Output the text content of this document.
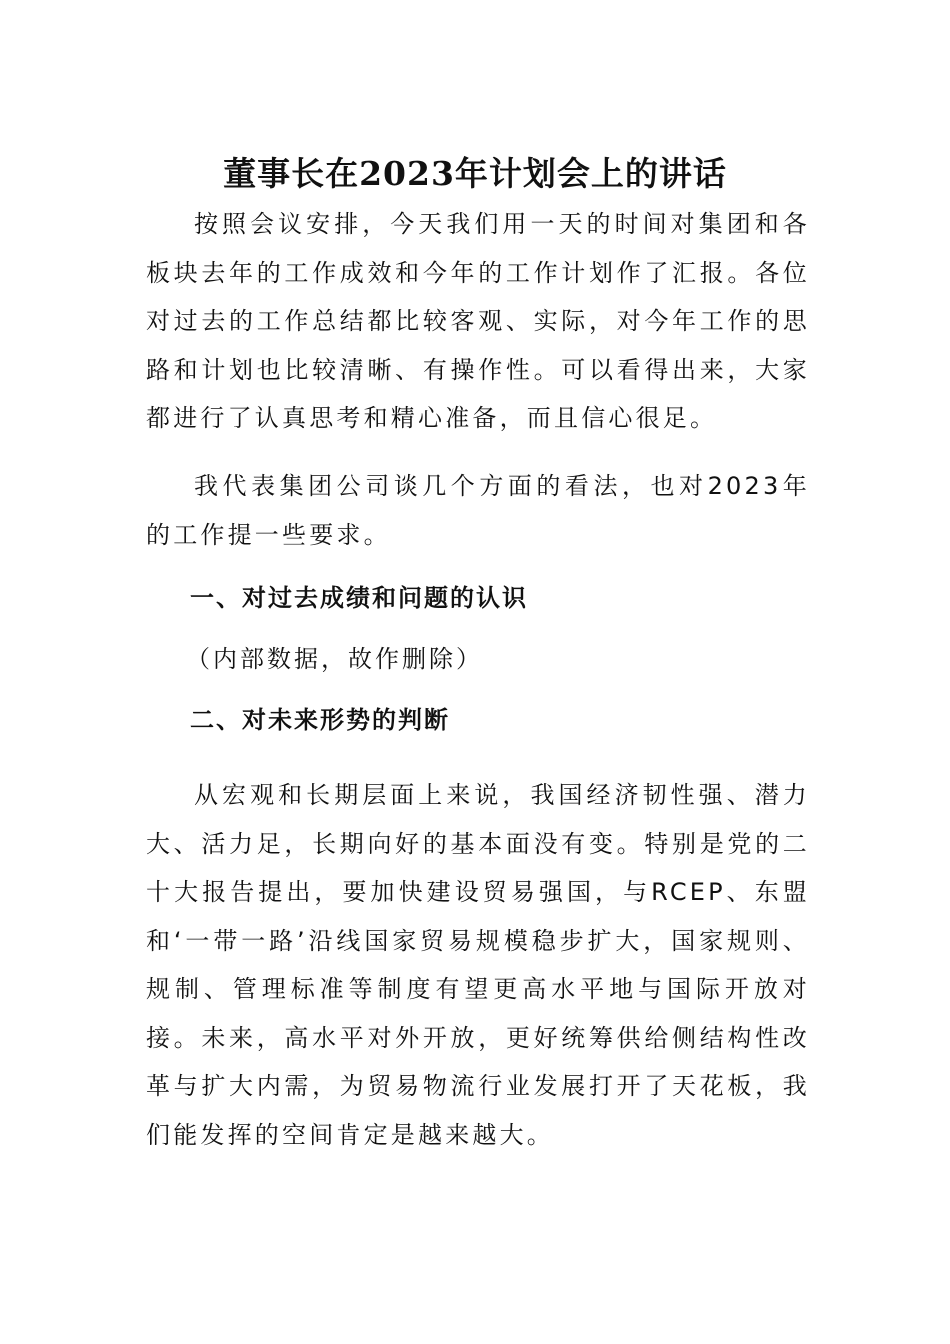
董事长在2023年计划会上的讲话

按照会议安排，今天我们用一天的时间对集团和各板块去年的工作成效和今年的工作计划作了汇报。各位对过去的工作总结都比较客观、实际，对今年工作的思路和计划也比较清晰、有操作性。可以看得出来，大家都进行了认真思考和精心准备，而且信心很足。

我代表集团公司谈几个方面的看法，也对2023年的工作提一些要求。

一、对过去成绩和问题的认识

（内部数据，故作删除）

二、对未来形势的判断

从宏观和长期层面上来说，我国经济韧性强、潜力大、活力足，长期向好的基本面没有变。特别是党的二十大报告提出，要加快建设贸易强国，与RCEP、东盟和‘一带一路’沿线国家贸易规模稳步扩大，国家规则、规制、管理标准等制度有望更高水平地与国际开放对接。未来，高水平对外开放，更好统筹供给侧结构性改革与扩大内需，为贸易物流行业发展打开了天花板，我们能发挥的空间肯定是越来越大。
